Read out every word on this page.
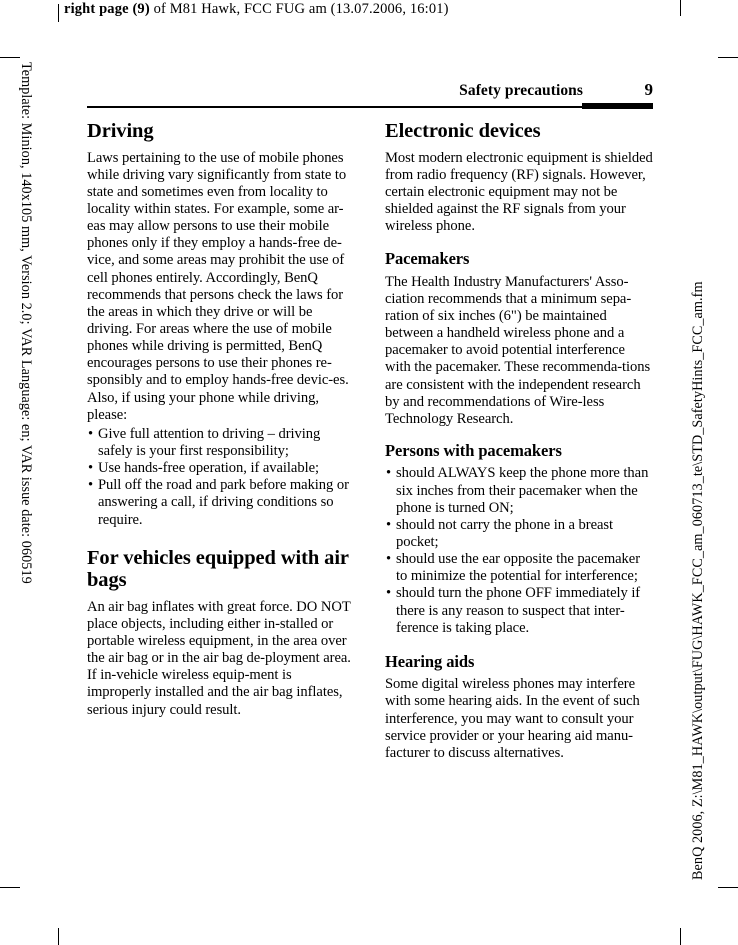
right page (9) of M81 Hawk, FCC FUG am (13.07.2006, 16:01)
Template: Minion, 140x105 mm, Version 2.0; VAR Language: en; VAR issue date: 060519	BenQ 2006, Z:\M81_HAWK\output\FUG\HAWK_FCC_am_060713_te\STD_SafetyHints_FCC_am.fm
Safety precautions	9
Driving

Laws pertaining to the use of mobile phones while driving vary significantly from state to state and sometimes even from locality to locality within states. For example, some ar-eas may allow persons to use their mobile phones only if they employ a hands-free de-vice, and some areas may prohibit the use of cell phones entirely. Accordingly, BenQ recommends that persons check the laws for the areas in which they drive or will be driving. For areas where the use of mobile phones while driving is permitted, BenQ encourages persons to use their phones re-sponsibly and to employ hands-free devic-es. Also, if using your phone while driving, please:

• Give full attention to driving – driving safely is your first responsibility;
• Use hands-free operation, if available;
• Pull off the road and park before making or answering a call, if driving conditions so require.
For vehicles equipped with air bags

An air bag inflates with great force. DO NOT place objects, including either in-stalled or portable wireless equipment, in the area over the air bag or in the air bag de-ployment area. If in-vehicle wireless equip-ment is improperly installed and the air bag inflates, serious injury could result.

Electronic devices

Most modern electronic equipment is shielded from radio frequency (RF) signals. However, certain electronic equipment may not be shielded against the RF signals from your wireless phone.

Pacemakers

The Health Industry Manufacturers' Asso-ciation recommends that a minimum sepa-ration of six inches (6") be maintained between a handheld wireless phone and a pacemaker to avoid potential interference with the pacemaker. These recommenda-tions are consistent with the independent research by and recommendations of Wire-less Technology Research.

Persons with pacemakers
• should ALWAYS keep the phone more than six inches from their pacemaker when the phone is turned ON;
• should not carry the phone in a breast pocket;
• should use the ear opposite the pacemaker to minimize the potential for interference;
• should turn the phone OFF immediately if there is any reason to suspect that inter-ference is taking place.
Hearing aids

Some digital wireless phones may interfere with some hearing aids. In the event of such interference, you may want to consult your service provider or your hearing aid manu-facturer to discuss alternatives.
